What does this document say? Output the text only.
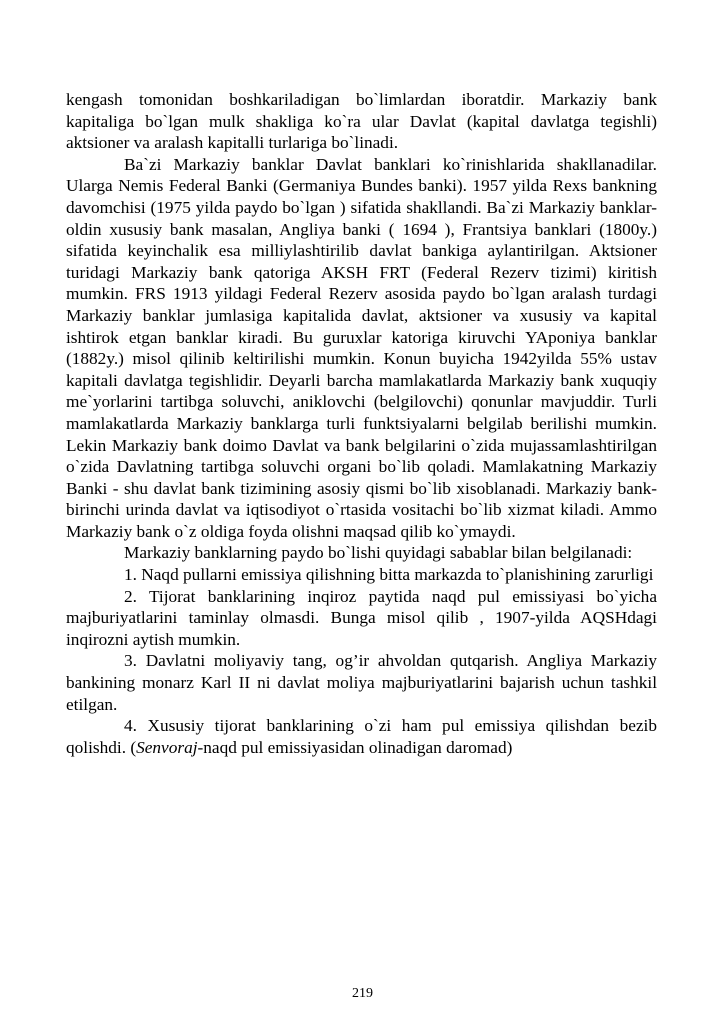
kengash tomonidan boshkariladigan bo`limlardan iboratdir. Markaziy bank kapitaliga bo`lgan mulk shakliga ko`ra ular Davlat (kapital davlatga tegishli) aktsioner va aralash kapitalli turlariga bo`linadi.

Ba`zi Markaziy banklar Davlat banklari ko`rinishlarida shakllanadilar. Ularga Nemis Federal Banki (Germaniya Bundes banki). 1957 yilda Rexs bankning davomchisi (1975 yilda paydo bo`lgan ) sifatida shakllandi. Ba`zi Markaziy banklar- oldin xususiy bank masalan, Angliya banki ( 1694 ), Frantsiya banklari (1800y.) sifatida keyinchalik esa milliylashtirilib davlat bankiga aylantirilgan. Aktsioner turidagi Markaziy bank qatoriga AKSH FRT (Federal Rezerv tizimi) kiritish mumkin. FRS 1913 yildagi Federal Rezerv asosida paydo bo`lgan aralash turdagi Markaziy banklar jumlasiga kapitalida davlat, aktsioner va xususiy va kapital ishtirok etgan banklar kiradi. Bu guruxlar katoriga kiruvchi YAponiya banklar (1882y.) misol qilinib keltirilishi mumkin. Konun buyicha 1942yilda 55% ustav kapitali davlatga tegishlidir. Deyarli barcha mamlakatlarda Markaziy bank xuquqiy me`yorlarini tartibga soluvchi, aniklovchi (belgilovchi) qonunlar mavjuddir. Turli mamlakatlarda Markaziy banklarga turli funktsiyalarni belgilab berilishi mumkin. Lekin Markaziy bank doimo Davlat va bank belgilarini o`zida mujassamlashtirilgan o`zida Davlatning tartibga soluvchi organi bo`lib qoladi. Mamlakatning Markaziy Banki - shu davlat bank tizimining asosiy qismi bo`lib xisoblanadi. Markaziy bank- birinchi urinda davlat va iqtisodiyot o`rtasida vositachi bo`lib xizmat kiladi. Ammo Markaziy bank o`z oldiga foyda olishni maqsad qilib ko`ymaydi.

Markaziy banklarning paydo bo`lishi quyidagi sabablar bilan belgilanadi:

1. Naqd pullarni emissiya qilishning bitta markazda to`planishining zarurligi

2. Tijorat banklarining inqiroz paytida naqd pul emissiyasi bo`yicha majburiyatlarini taminlay olmasdi. Bunga misol qilib , 1907-yilda AQSHdagi inqirozni aytish mumkin.

3. Davlatni moliyaviy tang, og’ir ahvoldan qutqarish. Angliya Markaziy bankining monarz Karl II ni davlat moliya majburiyatlarini bajarish uchun tashkil etilgan.

4. Xususiy tijorat banklarining o`zi ham pul emissiya qilishdan bezib qolishdi. (Senvoraj-naqd pul emissiyasidan olinadigan daromad)

219
